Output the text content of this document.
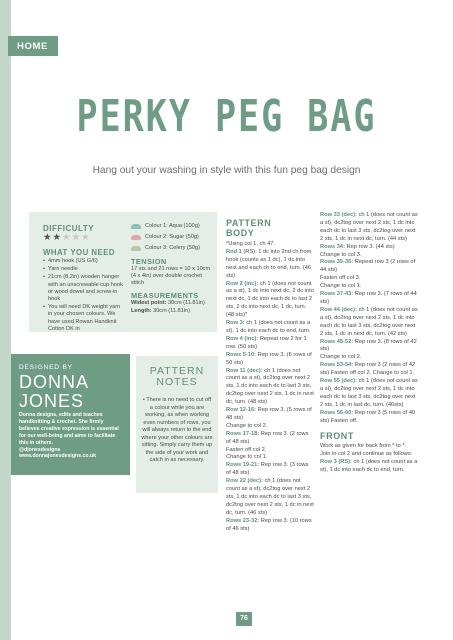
HOME
PERKY PEG BAG
Hang out your washing in style with this fun peg bag design
DIFFICULTY
★★★★★
WHAT YOU NEED
• 4mm hook (US G/6)
• Yarn needle
• 21cm (8.2in) wooden hanger with an unscrewable cup hook or wood dowel and screw-in hook
• You will need DK weight yarn in your chosen colours. We have used Rowan Handknit Cotton DK in
Colour 1: Aqua (100g)
Colour 2: Sugar (50g)
Colour 3: Celery (50g)
TENSION
17 sts and 21 rows = 10 x 10cm (4 x 4in) over double crochet stitch
MEASUREMENTS
Widest point: 30cm (11.81in)
Length: 30cm (11.81in)
DESIGNED BY
DONNA
JONES
Donna designs, edits and teaches handknitting & crochet. She firmly believes creative expression is essential for our well-being and aims to facilitate this in others.
@djonesdesigns
www.donnajonesdesigns.co.uk
PATTERN
NOTES
• There is no need to cut off a colour while you are working, as when working even numbers of rows, you will always return to the end where your other colours are sitting. Simply carry them up the side of your work and catch in as necessary.
PATTERN
BODY
*Using col 1, ch 47.
Rnd 1 (RS): 1 dc into 2nd ch from hook (counts as 1 dc), 1 dc into next and each ch to end, turn. (46 sts)
Row 2 (inc): ch 1 (does not count as a st), 1 dc into next dc, 2 dc into next dc, 1 dc into each dc to last 2 sts, 2 dc into next dc, 1 dc, turn. (48 sts)*
Row 3: ch 1 (does not count as a st), 1 dc into each dc to end, turn.
Row 4 (inc): Repeat row 2 for 1 row. (50 sts)
Rows 5-10: Rep row 3. (6 rows of 50 sts)
Row 11 (dec): ch 1 (does not count as a st), dc2tog over next 2 sts, 1 dc into each dc to last 3 sts, dc2tog over next 2 sts, 1 dc in next dc, turn. (48 sts)
Row 12-16: Rep row 3. (5 rows of 48 sts)
Change to col 2.
Rows 17-18: Rep row 3. (2 rows of 48 sts)
Fasten off col 2.
Change to col 1.
Rows 19-21: Rep row 3. (3 rows of 48 sts)
Row 22 (dec): ch 1 (does not count as a st), dc2tog over next 2 sts, 1 dc into each dc to last 3 sts, dc2tog over next 2 sts, 1 dc in next dc, turn. (46 sts)
Rows 23-32: Rep row 3. (10 rows of 46 sts)
Row 33 (dec): ch 1 (does not count as a st), dc2tog over next 2 sts, 1 dc into each dc to last 3 sts, dc2tog over next 2 sts, 1 dc in next dc, turn. (44 sts)
Rows 34: Rep row 3. (44 sts)
Change to col 3.
Rows 35-36: Repeat row 3 (2 rows of 44 sts)
Fasten off col 3.
Change to col 1.
Rows 37-43: Rep row 3. (7 rows of 44 sts)
Row 44 (dec): ch 1 (does not count as a st), dc2tog over next 2 sts, 1 dc into each dc to last 3 sts, dc2tog over next 2 sts, 1 dc in next dc, turn. (42 sts)
Rows 45-52: Rep row 3. (8 rows of 42 sts)
Change to col 2.
Rows 53-54: Rep row 3 (2 rows of 42 sts) Fasten off col 2. Change to col 1.
Row 55 (dec): ch 1 (does not count as a st), dc2tog over next 2 sts, 1 dc into each dc to last 3 sts, dc2tog over next 2 sts, 1 dc in last dc, turn. (40sts)
Rows 56-60: Rep row 3 (5 rows of 40 sts) Fasten off.
FRONT
Work as given for back from * to *.
Join in col 2 and continue as follows:
Row 3 (RS): ch 1 (does not count as a st), 1 dc into each dc to end, turn.
76
